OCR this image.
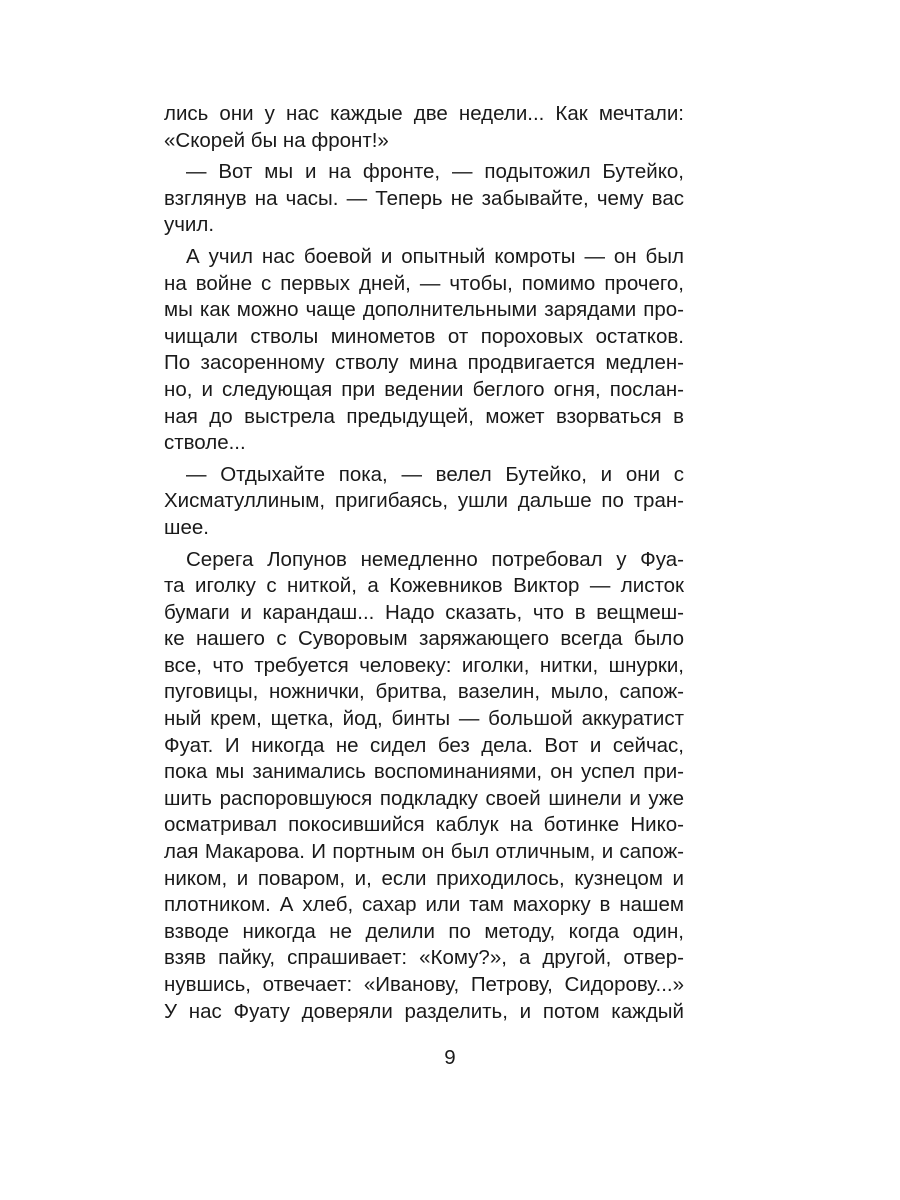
лись они у нас каждые две недели... Как мечтали:
«Скорей бы на фронт!»
— Вот мы и на фронте, — подытожил Бутейко,
взглянув на часы. — Теперь не забывайте, чему вас
учил.
А учил нас боевой и опытный комроты — он был
на войне с первых дней, — чтобы, помимо прочего,
мы как можно чаще дополнительными зарядами про-
чищали стволы минометов от пороховых остатков.
По засоренному стволу мина продвигается медлен-
но, и следующая при ведении беглого огня, послан-
ная до выстрела предыдущей, может взорваться в
стволе...
— Отдыхайте пока, — велел Бутейко, и они с
Хисматуллиным, пригибаясь, ушли дальше по тран-
шее.
Серега Лопунов немедленно потребовал у Фуа-
та иголку с ниткой, а Кожевников Виктор — листок
бумаги и карандаш... Надо сказать, что в вещмеш-
ке нашего с Суворовым заряжающего всегда было
все, что требуется человеку: иголки, нитки, шнурки,
пуговицы, ножнички, бритва, вазелин, мыло, сапож-
ный крем, щетка, йод, бинты — большой аккуратист
Фуат. И никогда не сидел без дела. Вот и сейчас,
пока мы занимались воспоминаниями, он успел при-
шить распоровшуюся подкладку своей шинели и уже
осматривал покосившийся каблук на ботинке Нико-
лая Макарова. И портным он был отличным, и сапож-
ником, и поваром, и, если приходилось, кузнецом и
плотником. А хлеб, сахар или там махорку в нашем
взводе никогда не делили по методу, когда один,
взяв пайку, спрашивает: «Кому?», а другой, отвер-
нувшись, отвечает: «Иванову, Петрову, Сидорову...»
У нас Фуату доверяли разделить, и потом каждый
9
